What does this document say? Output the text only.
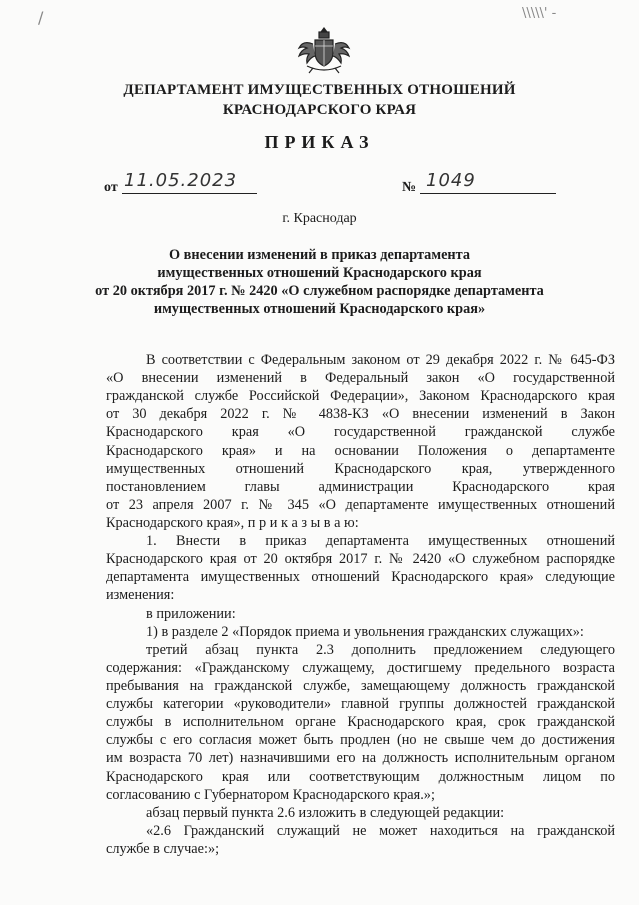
/	\\\\\' -
ДЕПАРТАМЕНТ ИМУЩЕСТВЕННЫХ ОТНОШЕНИЙ
КРАСНОДАРСКОГО КРАЯ
ПРИКАЗ
от 11.05.2023	№ 1049
г. Краснодар
О внесении изменений в приказ департамента
имущественных отношений Краснодарского края
от 20 октября 2017 г. № 2420 «О служебном распорядке департамента
имущественных отношений Краснодарского края»
В соответствии с Федеральным законом от 29 декабря 2022 г. № 645-ФЗ
«О внесении изменений в Федеральный закон «О государственной
гражданской службе Российской Федерации», Законом Краснодарского края
от 30 декабря 2022 г. № 4838-КЗ «О внесении изменений в Закон
Краснодарского края «О государственной гражданской службе
Краснодарского края» и на основании Положения о департаменте
имущественных отношений Краснодарского края, утвержденного
постановлением главы администрации Краснодарского края
от 23 апреля 2007 г. № 345 «О департаменте имущественных отношений
Краснодарского края», п р и к а з ы в а ю:
1. Внести в приказ департамента имущественных отношений
Краснодарского края от 20 октября 2017 г. № 2420 «О служебном распорядке
департамента имущественных отношений Краснодарского края» следующие
изменения:
в приложении:
1) в разделе 2 «Порядок приема и увольнения гражданских служащих»:
третий абзац пункта 2.3 дополнить предложением следующего
содержания: «Гражданскому служащему, достигшему предельного возраста
пребывания на гражданской службе, замещающему должность гражданской
службы категории «руководители» главной группы должностей гражданской
службы в исполнительном органе Краснодарского края, срок гражданской
службы с его согласия может быть продлен (но не свыше чем до достижения
им возраста 70 лет) назначившими его на должность исполнительным органом
Краснодарского края или соответствующим должностным лицом по
согласованию с Губернатором Краснодарского края.»;
абзац первый пункта 2.6 изложить в следующей редакции:
«2.6 Гражданский служащий не может находиться на гражданской
службе в случае:»;
